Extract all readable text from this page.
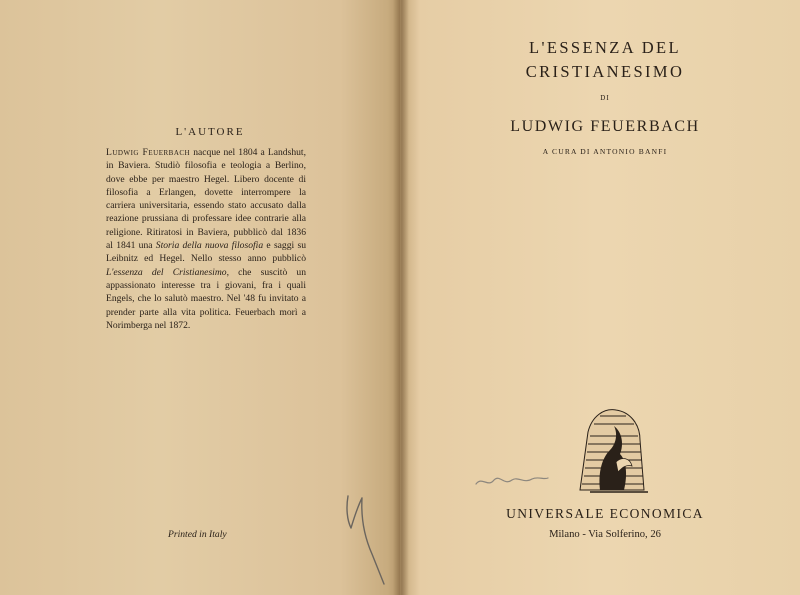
L'AUTORE

Ludwig Feuerbach nacque nel 1804 a Landshut, in Baviera. Studiò filosofia e teologia a Berlino, dove ebbe per maestro Hegel. Libero docente di filosofia a Erlangen, dovette interrompere la carriera universitaria, essendo stato accusato dalla reazione prussiana di professare idee contrarie alla religione. Ritiratosi in Baviera, pubblicò dal 1836 al 1841 una Storia della nuova filosofia e saggi su Leibnitz ed Hegel. Nello stesso anno pubblicò L'essenza del Cristianesimo, che suscitò un appassionato interesse tra i giovani, fra i quali Engels, che lo salutò maestro. Nel '48 fu invitato a prender parte alla vita politica. Feuerbach morì a Norimberga nel 1872.

Printed in Italy
L'ESSENZA DEL
CRISTIANESIMO
DI
LUDWIG FEUERBACH
A CURA DI ANTONIO BANFI
UNIVERSALE ECONOMICA
Milano - Via Solferino, 26
